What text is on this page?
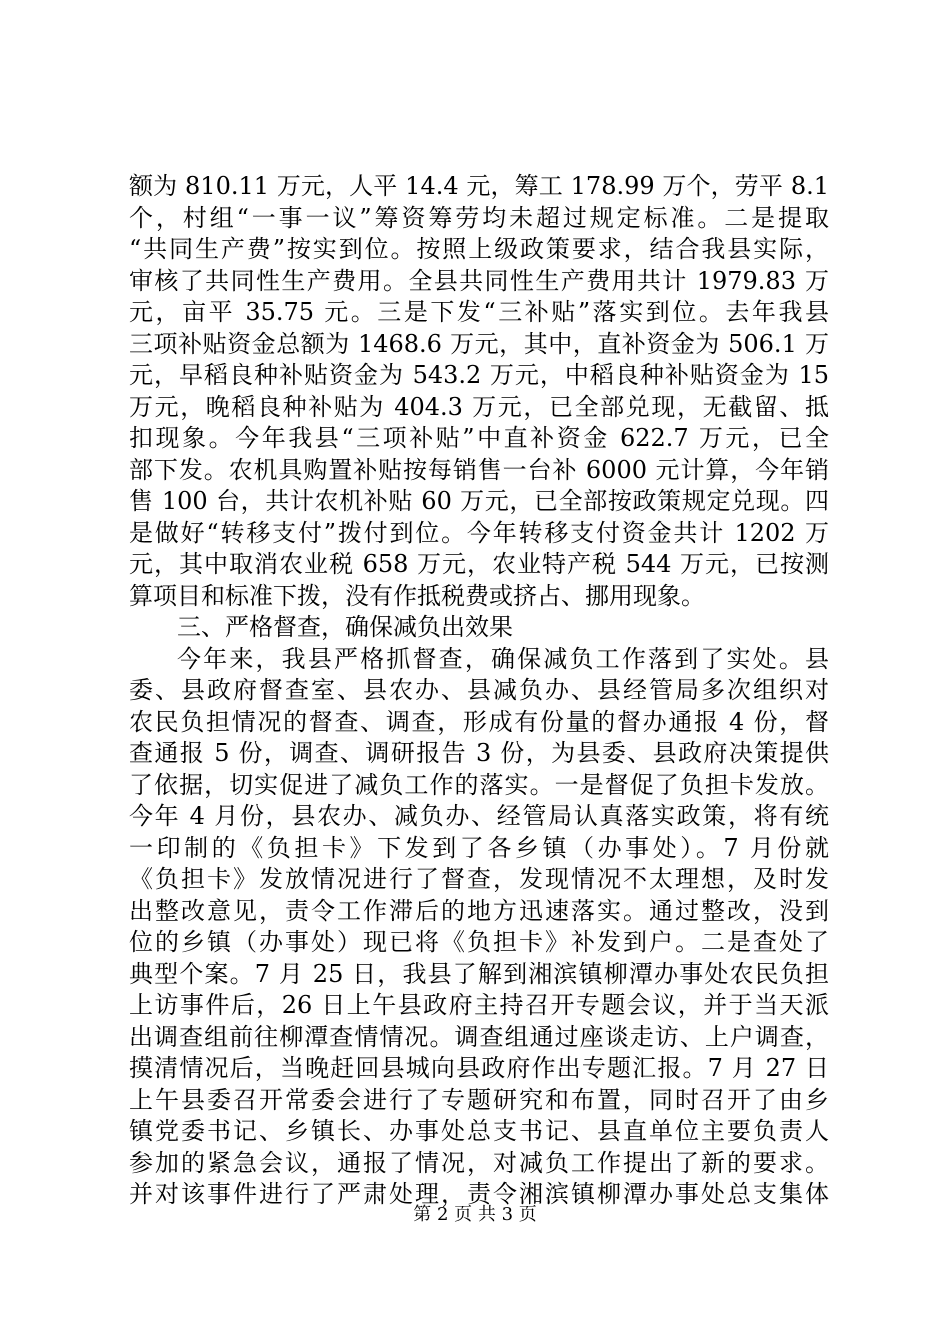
额为 810.11 万元，人平 14.4 元，筹工 178.99 万个，劳平 8.1
个，村组“一事一议”筹资筹劳均未超过规定标准。二是提取
“共同生产费”按实到位。按照上级政策要求，结合我县实际，
审核了共同性生产费用。全县共同性生产费用共计 1979.83 万
元，亩平 35.75 元。三是下发“三补贴”落实到位。去年我县
三项补贴资金总额为 1468.6 万元，其中，直补资金为 506.1 万
元，早稻良种补贴资金为 543.2 万元，中稻良种补贴资金为 15
万元，晚稻良种补贴为 404.3 万元，已全部兑现，无截留、抵
扣现象。今年我县“三项补贴”中直补资金 622.7 万元，已全
部下发。农机具购置补贴按每销售一台补 6000 元计算，今年销
售 100 台，共计农机补贴 60 万元，已全部按政策规定兑现。四
是做好“转移支付”拨付到位。今年转移支付资金共计 1202 万
元，其中取消农业税 658 万元，农业特产税 544 万元，已按测
算项目和标准下拨，没有作抵税费或挤占、挪用现象。
三、严格督查，确保减负出效果
今年来，我县严格抓督查，确保减负工作落到了实处。县
委、县政府督查室、县农办、县减负办、县经管局多次组织对
农民负担情况的督查、调查，形成有份量的督办通报 4 份，督
查通报 5 份，调查、调研报告 3 份，为县委、县政府决策提供
了依据，切实促进了减负工作的落实。一是督促了负担卡发放。
今年 4 月份，县农办、减负办、经管局认真落实政策，将有统
一印制的《负担卡》下发到了各乡镇（办事处）。7 月份就
《负担卡》发放情况进行了督查，发现情况不太理想，及时发
出整改意见，责令工作滞后的地方迅速落实。通过整改，没到
位的乡镇（办事处）现已将《负担卡》补发到户。二是查处了
典型个案。7 月 25 日，我县了解到湘滨镇柳潭办事处农民负担
上访事件后，26 日上午县政府主持召开专题会议，并于当天派
出调查组前往柳潭查情情况。调查组通过座谈走访、上户调查，
摸清情况后，当晚赶回县城向县政府作出专题汇报。7 月 27 日
上午县委召开常委会进行了专题研究和布置，同时召开了由乡
镇党委书记、乡镇长、办事处总支书记、县直单位主要负责人
参加的紧急会议，通报了情况，对减负工作提出了新的要求。
并对该事件进行了严肃处理，责令湘滨镇柳潭办事处总支集体
第 2 页 共 3 页
